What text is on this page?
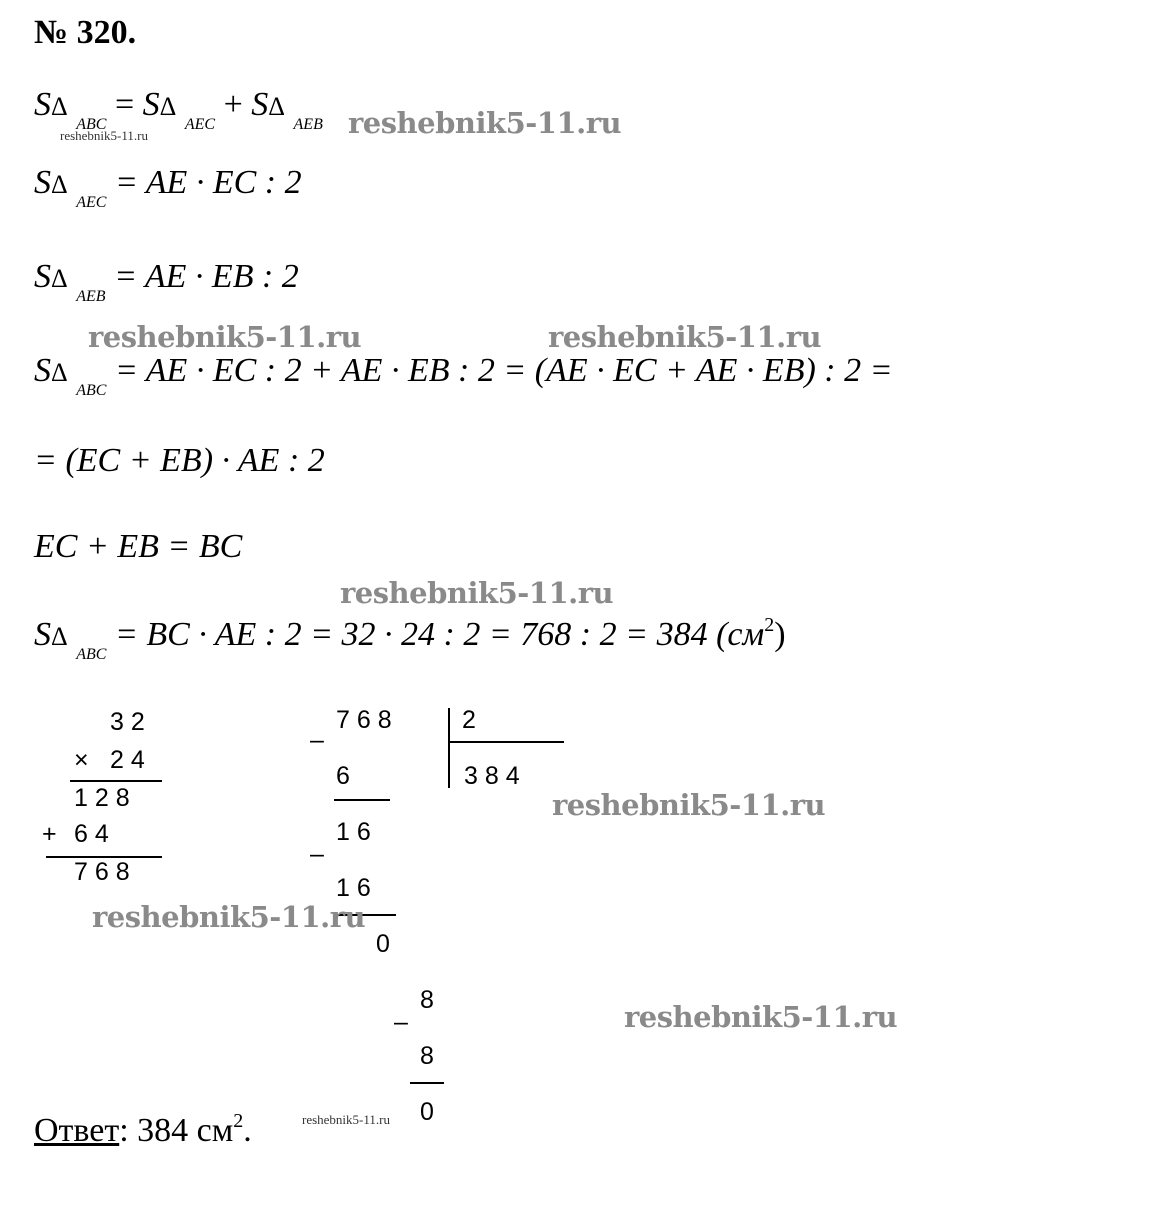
№ 320.
SΔ $_{ABC}$ = SΔ $_{AEC}$ + SΔ $_{AEB}$
SΔ $_{AEC}$ = AE · EC : 2
SΔ $_{AEB}$ = AE · EB : 2
SΔ $_{ABC}$ = AE · EC : 2 + AE · EB : 2 = (AE · EC + AE · EB) : 2 =
= (EC + EB) · AE : 2
EC + EB = BC
SΔ $_{ABC}$ = BC · AE : 2 = 32 · 24 : 2 = 768 : 2 = 384 $(см^2)$
3 2
× 2 4
1 2 8
+ 6 4
7 6 8
7 6 8	2
3 8 4
–
6
–
1 6
1 6
0
–
8
8
0
Ответ: 384 $см^2$.
reshebnik5-11.ru
reshebnik5-11.ru
reshebnik5-11.ru	reshebnik5-11.ru
reshebnik5-11.ru
reshebnik5-11.ru
reshebnik5-11.ru
reshebnik5-11.ru
reshebnik5-11.ru
